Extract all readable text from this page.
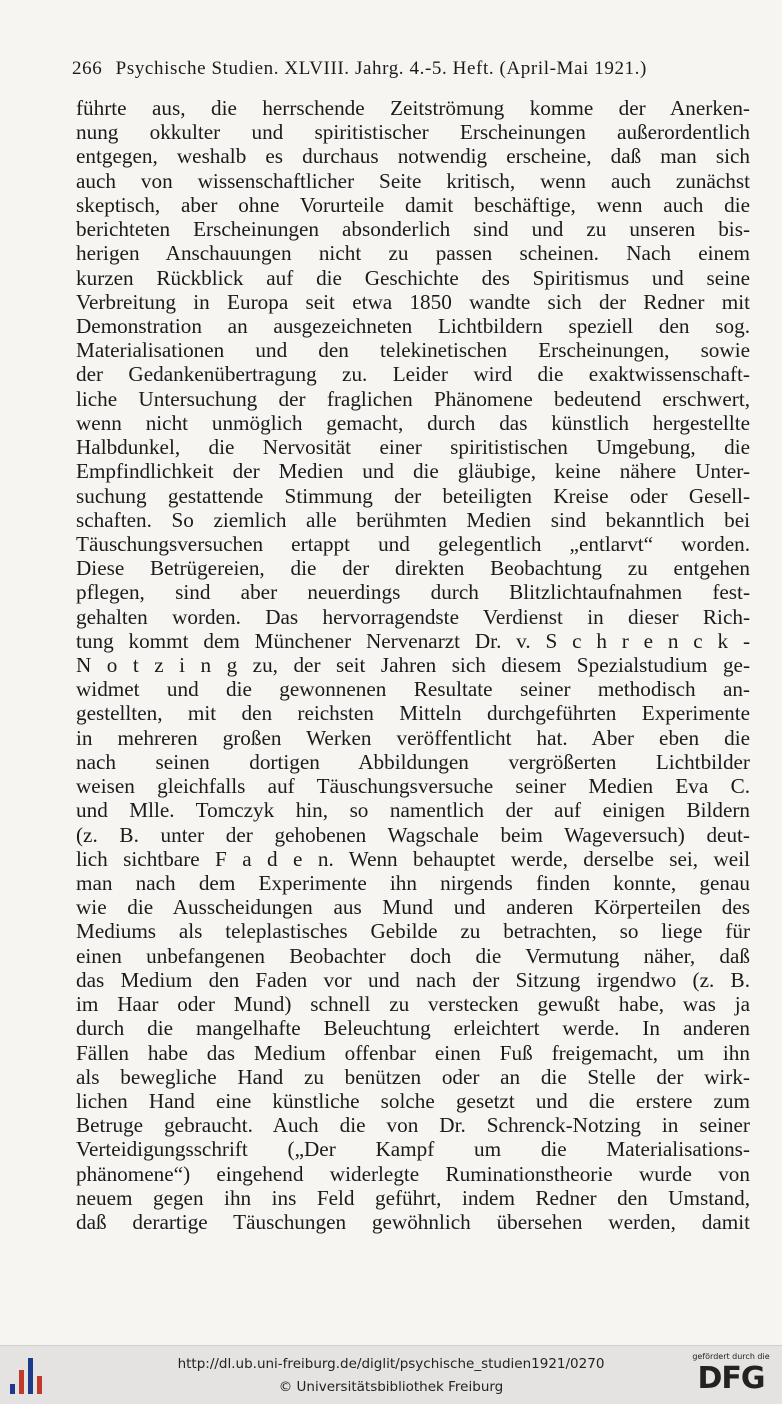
266 Psychische Studien. XLVIII. Jahrg. 4.-5. Heft. (April-Mai 1921.)
führte aus, die herrschende Zeitströmung komme der Anerken-
nung okkulter und spiritistischer Erscheinungen außerordentlich
entgegen, weshalb es durchaus notwendig erscheine, daß man sich
auch von wissenschaftlicher Seite kritisch, wenn auch zunächst
skeptisch, aber ohne Vorurteile damit beschäftige, wenn auch die
berichteten Erscheinungen absonderlich sind und zu unseren bis-
herigen Anschauungen nicht zu passen scheinen. Nach einem
kurzen Rückblick auf die Geschichte des Spiritismus und seine
Verbreitung in Europa seit etwa 1850 wandte sich der Redner mit
Demonstration an ausgezeichneten Lichtbildern speziell den sog.
Materialisationen und den telekinetischen Erscheinungen, sowie
der Gedankenübertragung zu. Leider wird die exaktwissenschaft-
liche Untersuchung der fraglichen Phänomene bedeutend erschwert,
wenn nicht unmöglich gemacht, durch das künstlich hergestellte
Halbdunkel, die Nervosität einer spiritistischen Umgebung, die
Empfindlichkeit der Medien und die gläubige, keine nähere Unter-
suchung gestattende Stimmung der beteiligten Kreise oder Gesell-
schaften. So ziemlich alle berühmten Medien sind bekanntlich bei
Täuschungsversuchen ertappt und gelegentlich „entlarvt“ worden.
Diese Betrügereien, die der direkten Beobachtung zu entgehen
pflegen, sind aber neuerdings durch Blitzlichtaufnahmen fest-
gehalten worden. Das hervorragendste Verdienst in dieser Rich-
tung kommt dem Münchener Nervenarzt Dr. v. S c h r e n c k -
N o t z i n g zu, der seit Jahren sich diesem Spezialstudium ge-
widmet und die gewonnenen Resultate seiner methodisch an-
gestellten, mit den reichsten Mitteln durchgeführten Experimente
in mehreren großen Werken veröffentlicht hat. Aber eben die
nach seinen dortigen Abbildungen vergrößerten Lichtbilder
weisen gleichfalls auf Täuschungsversuche seiner Medien Eva C.
und Mlle. Tomczyk hin, so namentlich der auf einigen Bildern
(z. B. unter der gehobenen Wagschale beim Wageversuch) deut-
lich sichtbare F a d e n. Wenn behauptet werde, derselbe sei, weil
man nach dem Experimente ihn nirgends finden konnte, genau
wie die Ausscheidungen aus Mund und anderen Körperteilen des
Mediums als teleplastisches Gebilde zu betrachten, so liege für
einen unbefangenen Beobachter doch die Vermutung näher, daß
das Medium den Faden vor und nach der Sitzung irgendwo (z. B.
im Haar oder Mund) schnell zu verstecken gewußt habe, was ja
durch die mangelhafte Beleuchtung erleichtert werde. In anderen
Fällen habe das Medium offenbar einen Fuß freigemacht, um ihn
als bewegliche Hand zu benützen oder an die Stelle der wirk-
lichen Hand eine künstliche solche gesetzt und die erstere zum
Betruge gebraucht. Auch die von Dr. Schrenck-Notzing in seiner
Verteidigungsschrift („Der Kampf um die Materialisations-
phänomene“) eingehend widerlegte Ruminationstheorie wurde von
neuem gegen ihn ins Feld geführt, indem Redner den Umstand,
daß derartige Täuschungen gewöhnlich übersehen werden, damit
http://dl.ub.uni-freiburg.de/diglit/psychische_studien1921/0270
© Universitätsbibliothek Freiburg
gefördert durch die
DFG
